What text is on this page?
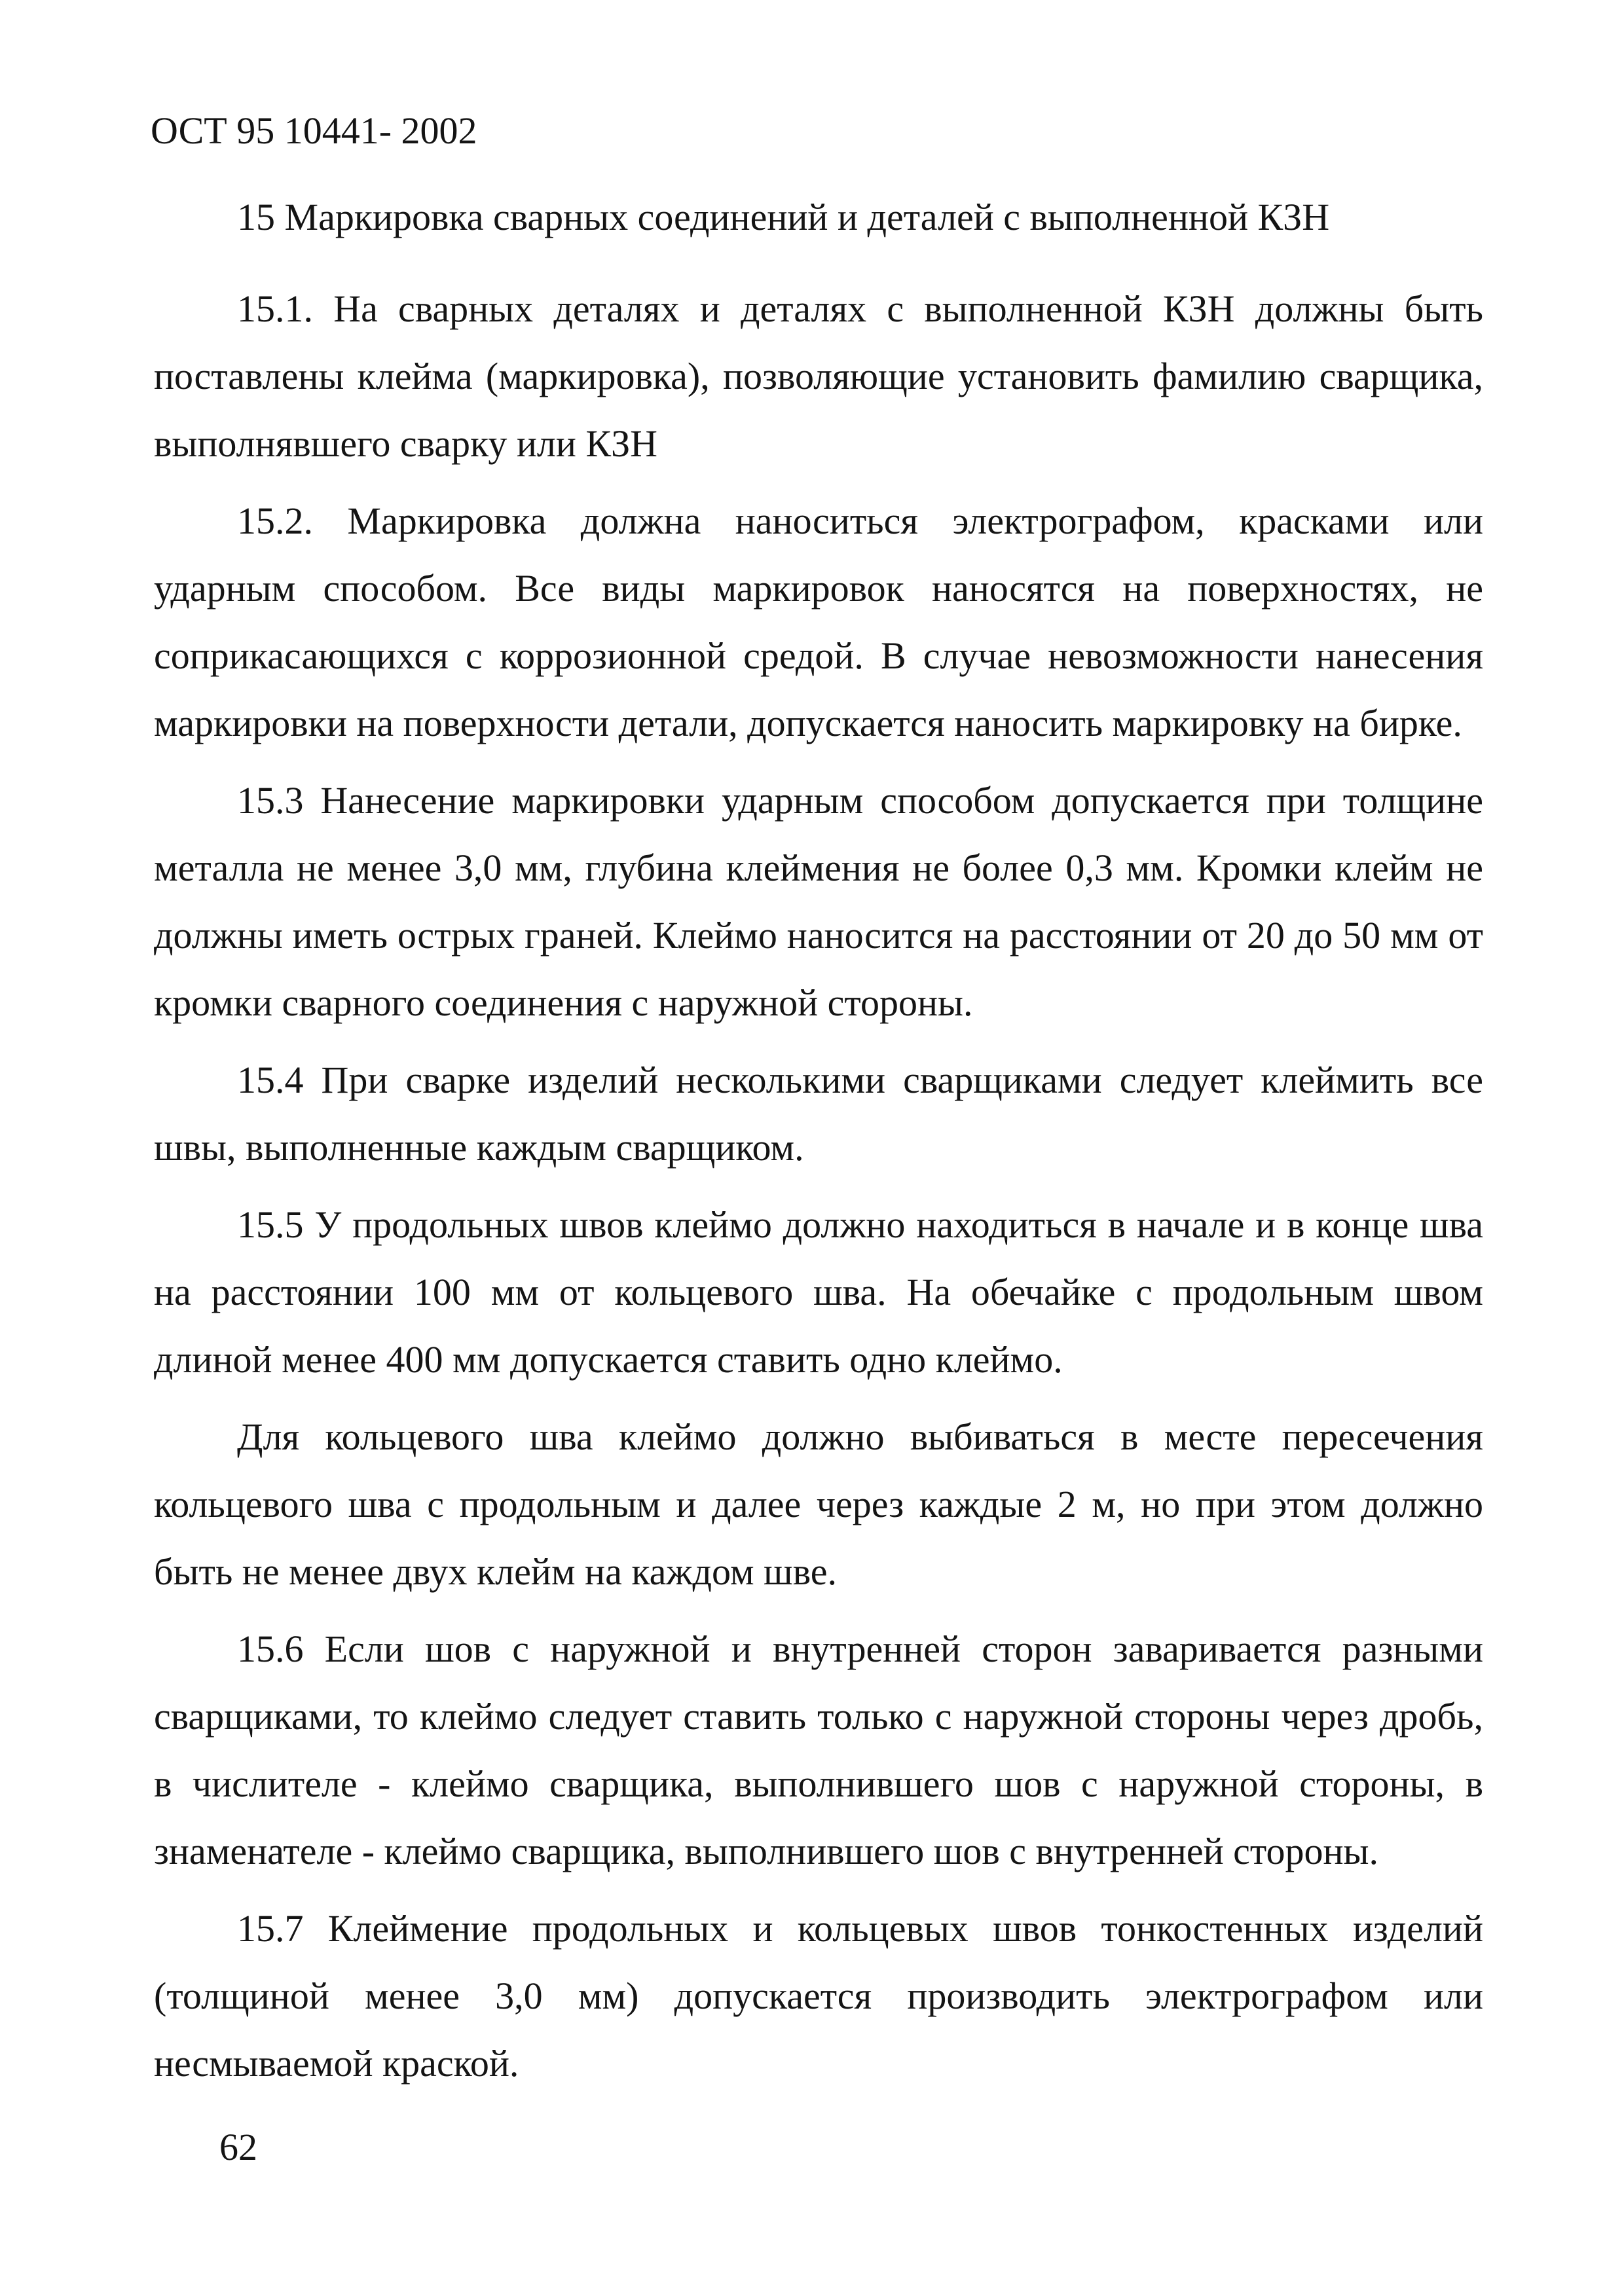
ОСТ 95 10441- 2002

15 Маркировка сварных соединений и деталей с выполненной КЗН

15.1. На сварных деталях и деталях с выполненной КЗН должны быть поставлены клейма (маркировка), позволяющие установить фамилию сварщика, выполнявшего сварку или КЗН

15.2. Маркировка должна наноситься электрографом, красками или ударным способом. Все виды маркировок наносятся на поверхностях, не соприкасающихся с коррозионной средой. В случае невозможности нанесения маркировки на поверхности детали, допускается наносить маркировку на бирке.

15.3 Нанесение маркировки ударным способом допускается при толщине металла не менее 3,0 мм, глубина клеймения не более 0,3 мм. Кромки клейм не должны иметь острых граней. Клеймо наносится на расстоянии от 20 до 50 мм от кромки сварного соединения с наружной стороны.

15.4 При сварке изделий несколькими сварщиками следует клеймить все швы, выполненные каждым сварщиком.

15.5 У продольных швов клеймо должно находиться в начале и в конце шва на расстоянии 100 мм от кольцевого шва. На обечайке с продольным швом длиной менее 400 мм допускается ставить одно клеймо.

Для кольцевого шва клеймо должно выбиваться в месте пересечения кольцевого шва с продольным и далее через каждые 2 м, но при этом должно быть не менее двух клейм на каждом шве.

15.6 Если шов с наружной и внутренней сторон заваривается разными сварщиками, то клеймо следует ставить только с наружной стороны через дробь, в числителе - клеймо сварщика, выполнившего шов с наружной стороны, в знаменателе - клеймо сварщика, выполнившего шов с внутренней стороны.

15.7 Клеймение продольных и кольцевых швов тонкостенных изделий (толщиной менее 3,0 мм) допускается производить электрографом или несмываемой краской.

62
